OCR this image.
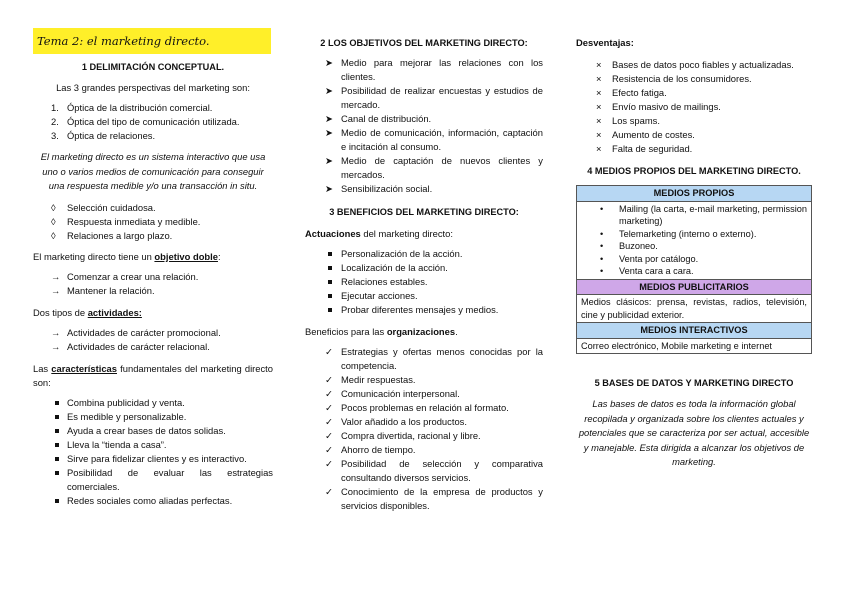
Tema 2: el marketing directo.
1 DELIMITACIÓN CONCEPTUAL.
Las 3 grandes perspectivas del marketing son:
1. Óptica de la distribución comercial.
2. Óptica del tipo de comunicación utilizada.
3. Óptica de relaciones.
El marketing directo es un sistema interactivo que usa uno o varios medios de comunicación para conseguir una respuesta medible y/o una transacción in situ.
◊ Selección cuidadosa.
◊ Respuesta inmediata y medible.
◊ Relaciones a largo plazo.
El marketing directo tiene un objetivo doble:
→ Comenzar a crear una relación.
→ Mantener la relación.
Dos tipos de actividades:
→ Actividades de carácter promocional.
→ Actividades de carácter relacional.
Las características fundamentales del marketing directo son:
Combina publicidad y venta.
Es medible y personalizable.
Ayuda a crear bases de datos solidas.
Lleva la “tienda a casa”.
Sirve para fidelizar clientes y es interactivo.
Posibilidad de evaluar las estrategias comerciales.
Redes sociales como aliadas perfectas.
2 LOS OBJETIVOS DEL MARKETING DIRECTO:
➤ Medio para mejorar las relaciones con los clientes.
➤ Posibilidad de realizar encuestas y estudios de mercado.
➤ Canal de distribución.
➤ Medio de comunicación, información, captación e incitación al consumo.
➤ Medio de captación de nuevos clientes y mercados.
➤ Sensibilización social.
3 BENEFICIOS DEL MARKETING DIRECTO:
Actuaciones del marketing directo:
Personalización de la acción.
Localización de la acción.
Relaciones estables.
Ejecutar acciones.
Probar diferentes mensajes y medios.
Beneficios para las organizaciones.
✓ Estrategias y ofertas menos conocidas por la competencia.
✓ Medir respuestas.
✓ Comunicación interpersonal.
✓ Pocos problemas en relación al formato.
✓ Valor añadido a los productos.
✓ Compra divertida, racional y libre.
✓ Ahorro de tiempo.
✓ Posibilidad de selección y comparativa consultando diversos servicios.
✓ Conocimiento de la empresa de productos y servicios disponibles.
Desventajas:
× Bases de datos poco fiables y actualizadas.
× Resistencia de los consumidores.
× Efecto fatiga.
× Envío masivo de mailings.
× Los spams.
× Aumento de costes.
× Falta de seguridad.
4 MEDIOS PROPIOS DEL MARKETING DIRECTO.
MEDIOS PROPIOS

• Mailing (la carta, e-mail marketing, permission marketing)
• Telemarketing (interno o externo).
• Buzoneo.
• Venta por catálogo.
• Venta cara a cara.

MEDIOS PUBLICITARIOS
Medios clásicos: prensa, revistas, radios, televisión, cine y publicidad exterior.
MEDIOS INTERACTIVOS
Correo electrónico, Mobile marketing e internet
5 BASES DE DATOS Y MARKETING DIRECTO
Las bases de datos es toda la información global recopilada y organizada sobre los clientes actuales y potenciales que se caracteriza por ser actual, accesible y manejable. Esta dirigida a alcanzar los objetivos de marketing.
